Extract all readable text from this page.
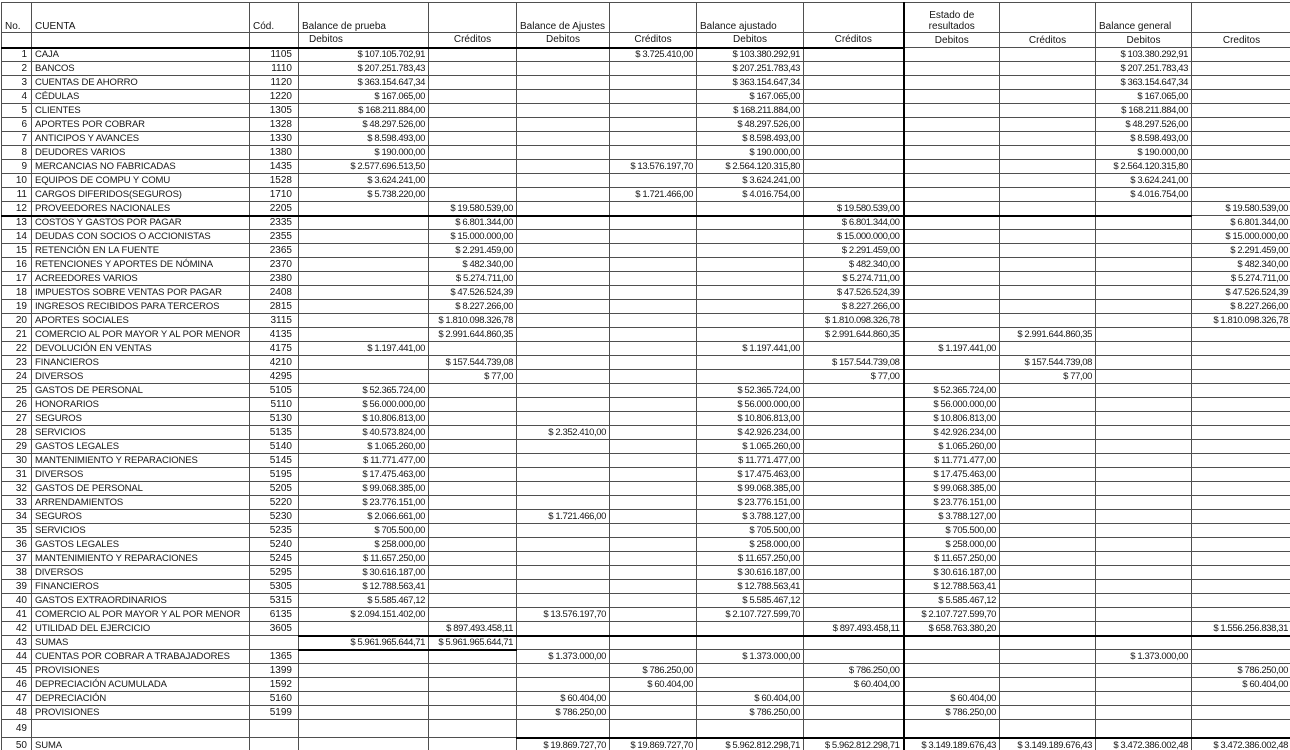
No.	CUENTA	Cód.	Balance de prueba		Balance de Ajustes		Balance ajustado		Estado de resultados		Balance general	
			Debitos	Créditos	Debitos	Créditos	Debitos	Créditos	Debitos	Créditos	Debitos	Creditos
1	CAJA	1105	$ 107.105.702,91			$ 3.725.410,00	$ 103.380.292,91				$ 103.380.292,91	
2	BANCOS	1110	$ 207.251.783,43				$ 207.251.783,43				$ 207.251.783,43	
3	CUENTAS DE AHORRO	1120	$ 363.154.647,34				$ 363.154.647,34				$ 363.154.647,34	
4	CÉDULAS	1220	$ 167.065,00				$ 167.065,00				$ 167.065,00	
5	CLIENTES	1305	$ 168.211.884,00				$ 168.211.884,00				$ 168.211.884,00	
6	APORTES POR COBRAR	1328	$ 48.297.526,00				$ 48.297.526,00				$ 48.297.526,00	
7	ANTICIPOS Y AVANCES	1330	$ 8.598.493,00				$ 8.598.493,00				$ 8.598.493,00	
8	DEUDORES VARIOS	1380	$ 190.000,00				$ 190.000,00				$ 190.000,00	
9	MERCANCIAS NO FABRICADAS	1435	$ 2.577.696.513,50			$ 13.576.197,70	$ 2.564.120.315,80				$ 2.564.120.315,80	
10	EQUIPOS DE COMPU Y COMU	1528	$ 3.624.241,00				$ 3.624.241,00				$ 3.624.241,00	
11	CARGOS DIFERIDOS(SEGUROS)	1710	$ 5.738.220,00			$ 1.721.466,00	$ 4.016.754,00				$ 4.016.754,00	
12	PROVEEDORES NACIONALES	2205		$ 19.580.539,00				$ 19.580.539,00				$ 19.580.539,00
13	COSTOS Y GASTOS POR PAGAR	2335		$ 6.801.344,00				$ 6.801.344,00				$ 6.801.344,00
14	DEUDAS CON SOCIOS O ACCIONISTAS	2355		$ 15.000.000,00				$ 15.000.000,00				$ 15.000.000,00
15	RETENCIÓN EN LA FUENTE	2365		$ 2.291.459,00				$ 2.291.459,00				$ 2.291.459,00
16	RETENCIONES Y APORTES DE NÓMINA	2370		$ 482.340,00				$ 482.340,00				$ 482.340,00
17	ACREEDORES VARIOS	2380		$ 5.274.711,00				$ 5.274.711,00				$ 5.274.711,00
18	IMPUESTOS SOBRE VENTAS POR PAGAR	2408		$ 47.526.524,39				$ 47.526.524,39				$ 47.526.524,39
19	INGRESOS RECIBIDOS PARA TERCEROS	2815		$ 8.227.266,00				$ 8.227.266,00				$ 8.227.266,00
20	APORTES SOCIALES	3115		$ 1.810.098.326,78				$ 1.810.098.326,78				$ 1.810.098.326,78
21	COMERCIO AL POR MAYOR Y AL POR MENOR	4135		$ 2.991.644.860,35				$ 2.991.644.860,35		$ 2.991.644.860,35		
22	DEVOLUCIÓN EN VENTAS	4175	$ 1.197.441,00				$ 1.197.441,00		$ 1.197.441,00			
23	FINANCIEROS	4210		$ 157.544.739,08				$ 157.544.739,08		$ 157.544.739,08		
24	DIVERSOS	4295		$ 77,00				$ 77,00		$ 77,00		
25	GASTOS DE PERSONAL	5105	$ 52.365.724,00				$ 52.365.724,00		$ 52.365.724,00			
26	HONORARIOS	5110	$ 56.000.000,00				$ 56.000.000,00		$ 56.000.000,00			
27	SEGUROS	5130	$ 10.806.813,00				$ 10.806.813,00		$ 10.806.813,00			
28	SERVICIOS	5135	$ 40.573.824,00		$ 2.352.410,00		$ 42.926.234,00		$ 42.926.234,00			
29	GASTOS LEGALES	5140	$ 1.065.260,00				$ 1.065.260,00		$ 1.065.260,00			
30	MANTENIMIENTO Y REPARACIONES	5145	$ 11.771.477,00				$ 11.771.477,00		$ 11.771.477,00			
31	DIVERSOS	5195	$ 17.475.463,00				$ 17.475.463,00		$ 17.475.463,00			
32	GASTOS DE PERSONAL	5205	$ 99.068.385,00				$ 99.068.385,00		$ 99.068.385,00			
33	ARRENDAMIENTOS	5220	$ 23.776.151,00				$ 23.776.151,00		$ 23.776.151,00			
34	SEGUROS	5230	$ 2.066.661,00		$ 1.721.466,00		$ 3.788.127,00		$ 3.788.127,00			
35	SERVICIOS	5235	$ 705.500,00				$ 705.500,00		$ 705.500,00			
36	GASTOS LEGALES	5240	$ 258.000,00				$ 258.000,00		$ 258.000,00			
37	MANTENIMIENTO Y REPARACIONES	5245	$ 11.657.250,00				$ 11.657.250,00		$ 11.657.250,00			
38	DIVERSOS	5295	$ 30.616.187,00				$ 30.616.187,00		$ 30.616.187,00			
39	FINANCIEROS	5305	$ 12.788.563,41				$ 12.788.563,41		$ 12.788.563,41			
40	GASTOS EXTRAORDINARIOS	5315	$ 5.585.467,12				$ 5.585.467,12		$ 5.585.467,12			
41	COMERCIO AL POR MAYOR Y AL POR MENOR	6135	$ 2.094.151.402,00		$ 13.576.197,70		$ 2.107.727.599,70		$ 2.107.727.599,70			
42	UTILIDAD DEL EJERCICIO	3605		$ 897.493.458,11				$ 897.493.458,11	$ 658.763.380,20			$ 1.556.256.838,31
43	SUMAS		$ 5.961.965.644,71	$ 5.961.965.644,71								
44	CUENTAS POR COBRAR A TRABAJADORES	1365			$ 1.373.000,00		$ 1.373.000,00				$ 1.373.000,00	
45	PROVISIONES	1399				$ 786.250,00		$ 786.250,00				$ 786.250,00
46	DEPRECIACIÓN ACUMULADA	1592				$ 60.404,00		$ 60.404,00				$ 60.404,00
47	DEPRECIACIÓN	5160			$ 60.404,00		$ 60.404,00		$ 60.404,00			
48	PROVISIONES	5199			$ 786.250,00		$ 786.250,00		$ 786.250,00			
49												
50	SUMA				$ 19.869.727,70	$ 19.869.727,70	$ 5.962.812.298,71	$ 5.962.812.298,71	$ 3.149.189.676,43	$ 3.149.189.676,43	$ 3.472.386.002,48	$ 3.472.386.002,48
